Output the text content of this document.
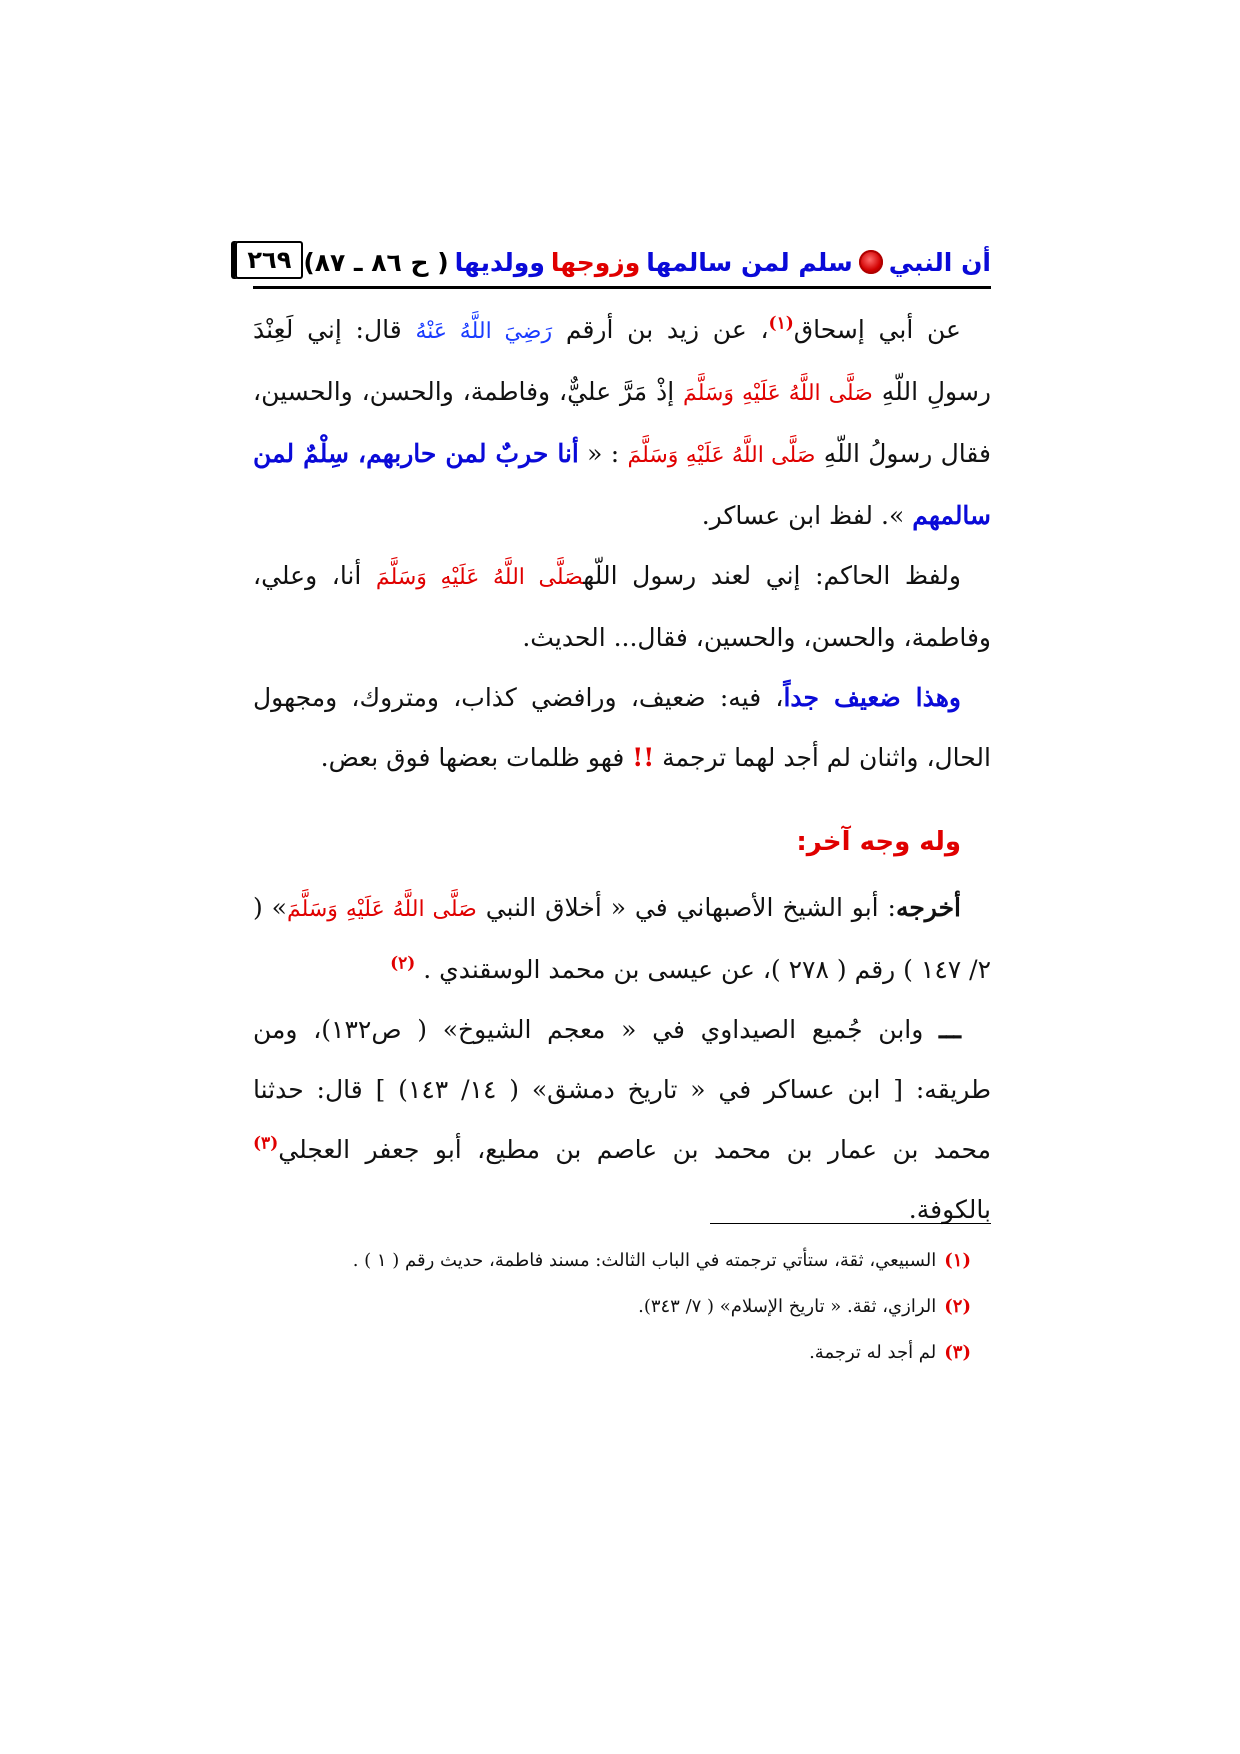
أن النبي
سلم لمن سالمها
وزوجها
وولديها
( ح ٨٦ ـ ٨٧)
٢٦٩

عن أبي إسحاق$^{(١)}$، عن زيد بن أرقم رَضِيَ اللَّهُ عَنْهُ قال: إني لَعِنْدَ رسولِ اللّهِ صَلَّى اللَّهُ عَلَيْهِ وَسَلَّمَ إذْ مَرَّ عليٌّ، وفاطمة، والحسن، والحسين، فقال رسولُ اللّهِ صَلَّى اللَّهُ عَلَيْهِ وَسَلَّمَ : « أنا حربٌ لمن حاربهم، سِلْمٌ لمن سالمهم ». لفظ ابن عساكر.

ولفظ الحاكم: إني لعند رسول اللّهصَلَّى اللَّهُ عَلَيْهِ وَسَلَّمَ أنا، وعلي، وفاطمة، والحسن، والحسين، فقال... الحديث.

وهذا ضعيف جداً، فيه: ضعيف، ورافضي كذاب، ومتروك، ومجهول الحال، واثنان لم أجد لهما ترجمة !! فهو ظلمات بعضها فوق بعض.

وله وجه آخر:

أخرجه: أبو الشيخ الأصبهاني في « أخلاق النبي صَلَّى اللَّهُ عَلَيْهِ وَسَلَّمَ» ( ٢/ ١٤٧ ) رقم ( ٢٧٨ )، عن عيسى بن محمد الوسقندي . $^{(٢)}$

ـــ وابن جُميع الصيداوي في « معجم الشيوخ» ( ص١٣٢)، ومن طريقه: [ ابن عساكر في « تاريخ دمشق» ( ١٤/ ١٤٣) ] قال: حدثنا محمد بن عمار بن محمد بن عاصم بن مطيع، أبو جعفر العجلي$^{(٣)}$ بالكوفة.

(١)
السبيعي، ثقة، ستأتي ترجمته في الباب الثالث: مسند فاطمة، حديث رقم ( ١ ) .
(٢)
الرازي، ثقة. « تاريخ الإسلام» ( ٧/ ٣٤٣).
(٣)
لم أجد له ترجمة.
